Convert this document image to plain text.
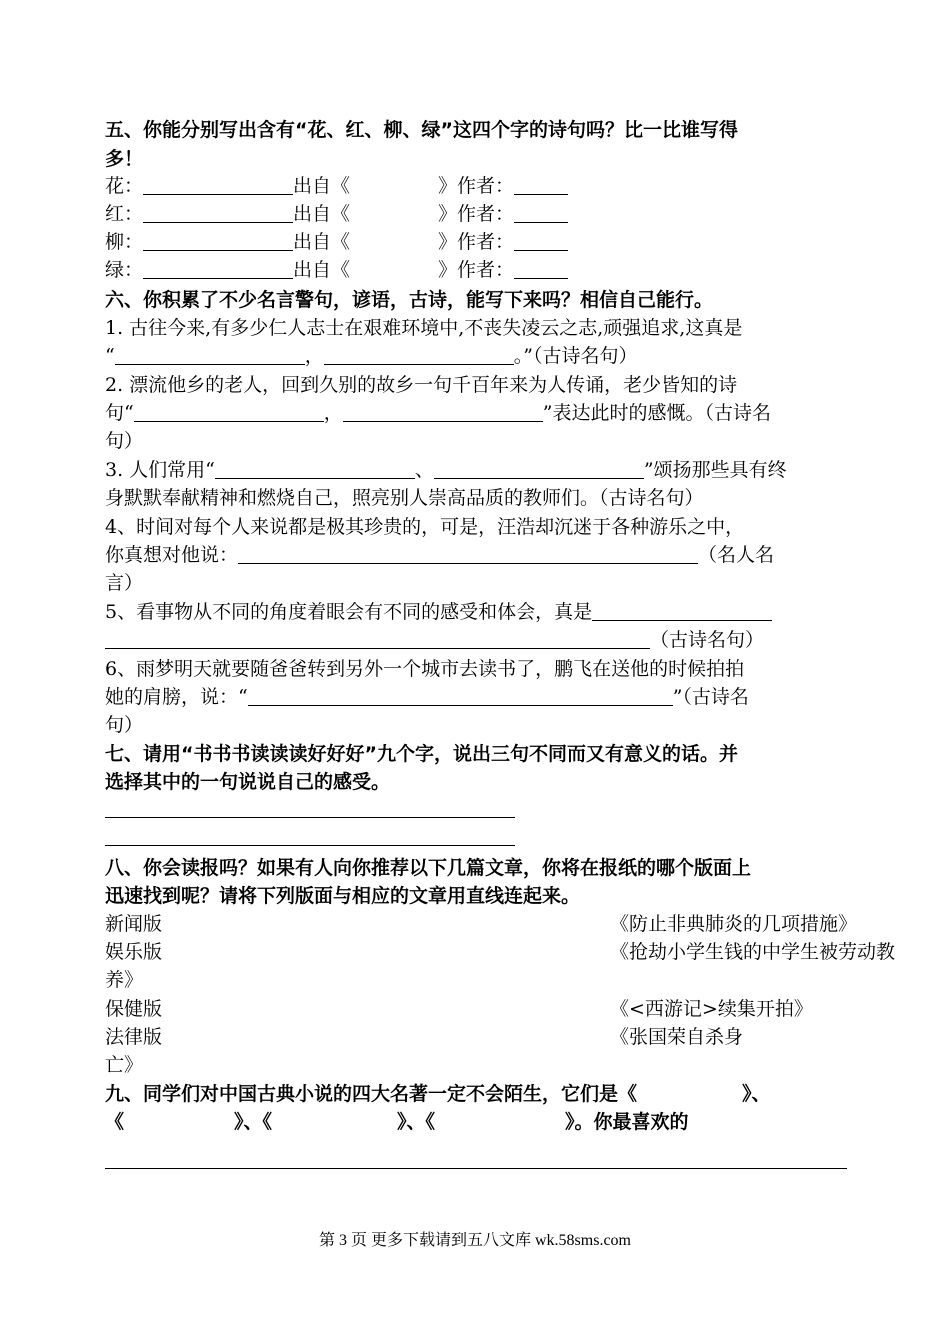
五、你能分别写出含有“花、红、柳、绿”这四个字的诗句吗？比一比谁写得
多！
花：	出自《	》作者：
红：	出自《	》作者：
柳：	出自《	》作者：
绿：	出自《	》作者：
六、你积累了不少名言警句，谚语，古诗，能写下来吗？相信自己能行。
1. 古往今来,有多少仁人志士在艰难环境中,不丧失凌云之志,顽强追求,这真是
“	，	。”（古诗名句）
2. 漂流他乡的老人，回到久别的故乡一句千百年来为人传诵，老少皆知的诗
句“	，	”表达此时的感慨。（古诗名
句）
3. 人们常用“	、	”颂扬那些具有终
身默默奉献精神和燃烧自己，照亮别人崇高品质的教师们。（古诗名句）
4、时间对每个人来说都是极其珍贵的，可是，汪浩却沉迷于各种游乐之中，
你真想对他说：	（名人名
言）
5、看事物从不同的角度着眼会有不同的感受和体会，真是
（古诗名句）
6、雨梦明天就要随爸爸转到另外一个城市去读书了，鹏飞在送他的时候拍拍
她的肩膀，说：“	”（古诗名
句）
七、请用“书书书读读读好好好”九个字，说出三句不同而又有意义的话。并
选择其中的一句说说自己的感受。
八、你会读报吗？如果有人向你推荐以下几篇文章，你将在报纸的哪个版面上
迅速找到呢？请将下列版面与相应的文章用直线连起来。
新闻版	《防止非典肺炎的几项措施》
娱乐版	《抢劫小学生钱的中学生被劳动教
养》
保健版	《<西游记>续集开拍》
法律版	《张国荣自杀身
亡》
九、同学们对中国古典小说的四大名著一定不会陌生，它们是《	》、
《	》、《	》、《	》。你最喜欢的
第 3 页 更多下载请到五八文库 wk.58sms.com
